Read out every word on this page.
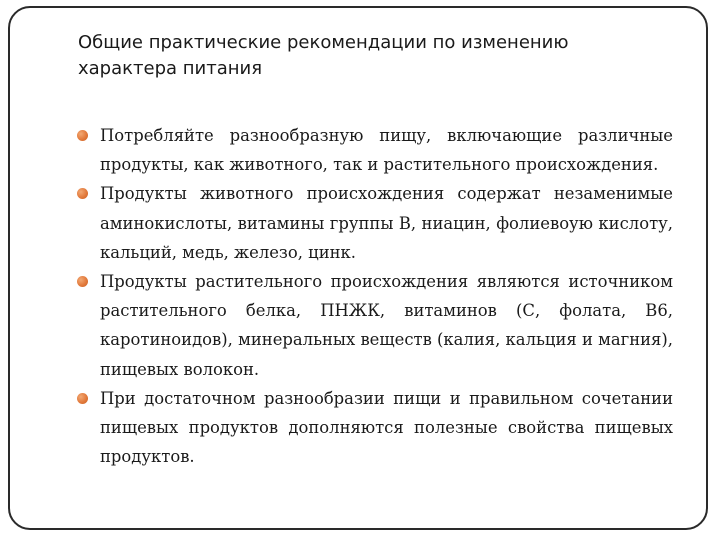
Общие практические рекомендации по изменению характера питания
Потребляйте разнообразную пищу, включающие различные продукты, как животного, так и растительного происхождения.
Продукты животного происхождения содержат незаменимые аминокислоты, витамины группы В, ниацин, фолиевоую кислоту, кальций, медь, железо, цинк.
Продукты растительного происхождения являются источником растительного белка, ПНЖК, витаминов (С, фолата, В6, каротиноидов), минеральных веществ (калия, кальция и магния), пищевых волокон.
При достаточном разнообразии пищи и правильном сочетании пищевых продуктов дополняются полезные свойства пищевых продуктов.
